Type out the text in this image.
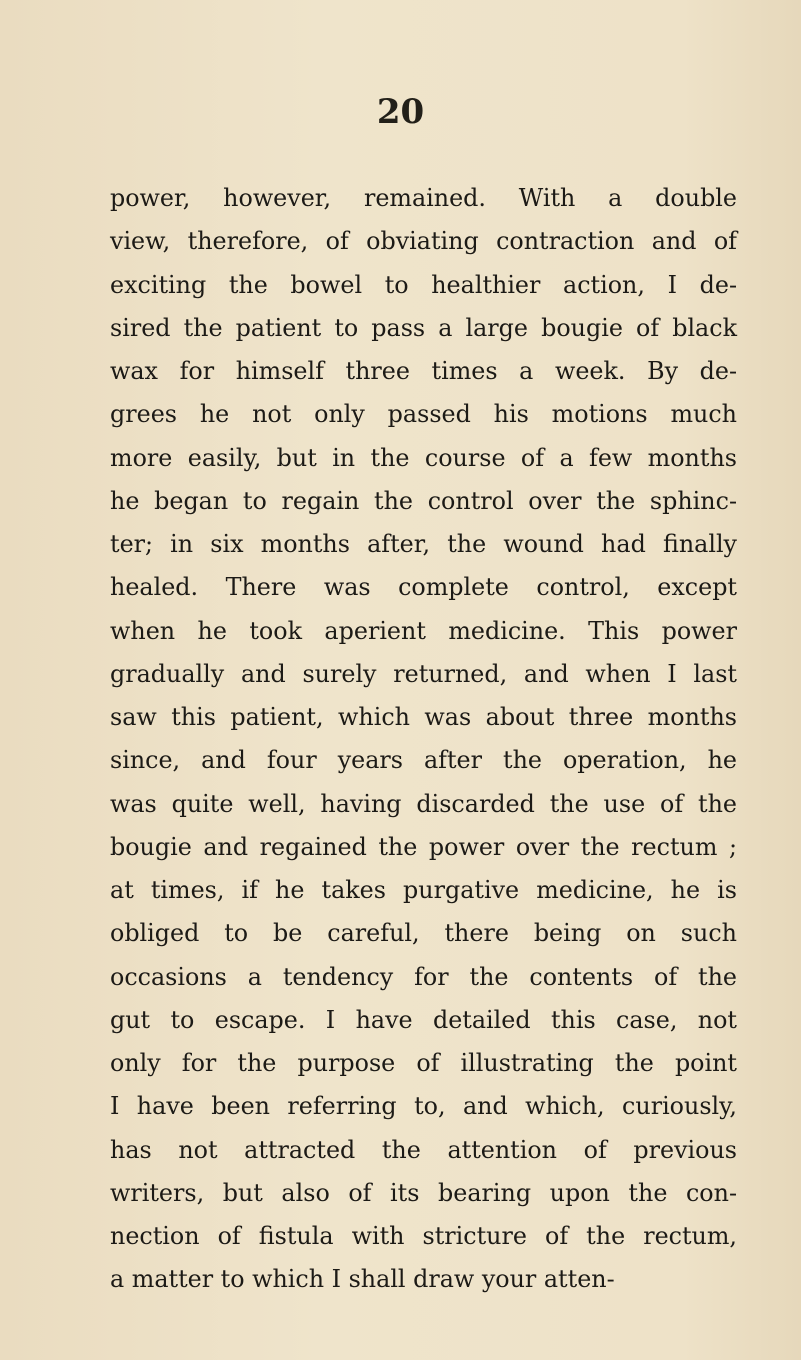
20
power, however, remained. With a double
view, therefore, of obviating contraction and of
exciting the bowel to healthier action, I de-
sired the patient to pass a large bougie of black
wax for himself three times a week. By de-
grees he not only passed his motions much
more easily, but in the course of a few months
he began to regain the control over the sphinc-
ter; in six months after, the wound had finally
healed. There was complete control, except
when he took aperient medicine. This power
gradually and surely returned, and when I last
saw this patient, which was about three months
since, and four years after the operation, he
was quite well, having discarded the use of the
bougie and regained the power over the rectum ;
at times, if he takes purgative medicine, he is
obliged to be careful, there being on such
occasions a tendency for the contents of the
gut to escape. I have detailed this case, not
only for the purpose of illustrating the point
I have been referring to, and which, curiously,
has not attracted the attention of previous
writers, but also of its bearing upon the con-
nection of fistula with stricture of the rectum,
a matter to which I shall draw your atten-
